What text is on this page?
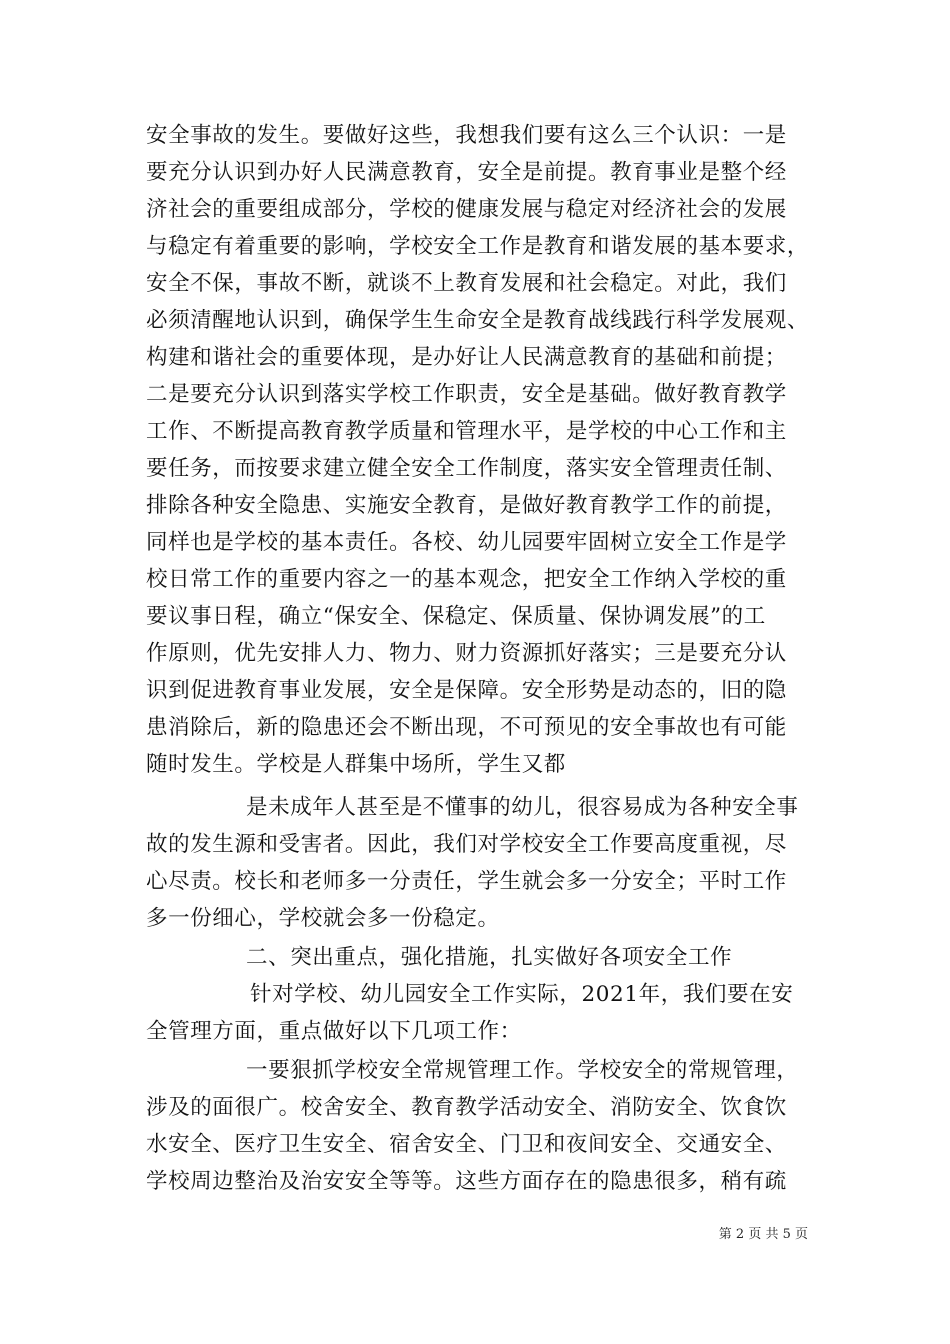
安全事故的发生。要做好这些，我想我们要有这么三个认识：一是
要充分认识到办好人民满意教育，安全是前提。教育事业是整个经
济社会的重要组成部分，学校的健康发展与稳定对经济社会的发展
与稳定有着重要的影响，学校安全工作是教育和谐发展的基本要求，
安全不保，事故不断，就谈不上教育发展和社会稳定。对此，我们
必须清醒地认识到，确保学生生命安全是教育战线践行科学发展观、
构建和谐社会的重要体现，是办好让人民满意教育的基础和前提；
二是要充分认识到落实学校工作职责，安全是基础。做好教育教学
工作、不断提高教育教学质量和管理水平，是学校的中心工作和主
要任务，而按要求建立健全安全工作制度，落实安全管理责任制、
排除各种安全隐患、实施安全教育，是做好教育教学工作的前提，
同样也是学校的基本责任。各校、幼儿园要牢固树立安全工作是学
校日常工作的重要内容之一的基本观念，把安全工作纳入学校的重
要议事日程，确立“保安全、保稳定、保质量、保协调发展”的工
作原则，优先安排人力、物力、财力资源抓好落实；三是要充分认
识到促进教育事业发展，安全是保障。安全形势是动态的，旧的隐
患消除后，新的隐患还会不断出现，不可预见的安全事故也有可能
随时发生。学校是人群集中场所，学生又都
是未成年人甚至是不懂事的幼儿，很容易成为各种安全事
故的发生源和受害者。因此，我们对学校安全工作要高度重视，尽
心尽责。校长和老师多一分责任，学生就会多一分安全；平时工作
多一份细心，学校就会多一份稳定。
二、突出重点，强化措施，扎实做好各项安全工作
针对学校、幼儿园安全工作实际，2021年，我们要在安
全管理方面，重点做好以下几项工作：
一要狠抓学校安全常规管理工作。学校安全的常规管理，
涉及的面很广。校舍安全、教育教学活动安全、消防安全、饮食饮
水安全、医疗卫生安全、宿舍安全、门卫和夜间安全、交通安全、
学校周边整治及治安安全等等。这些方面存在的隐患很多，稍有疏
第 2 页 共 5 页
